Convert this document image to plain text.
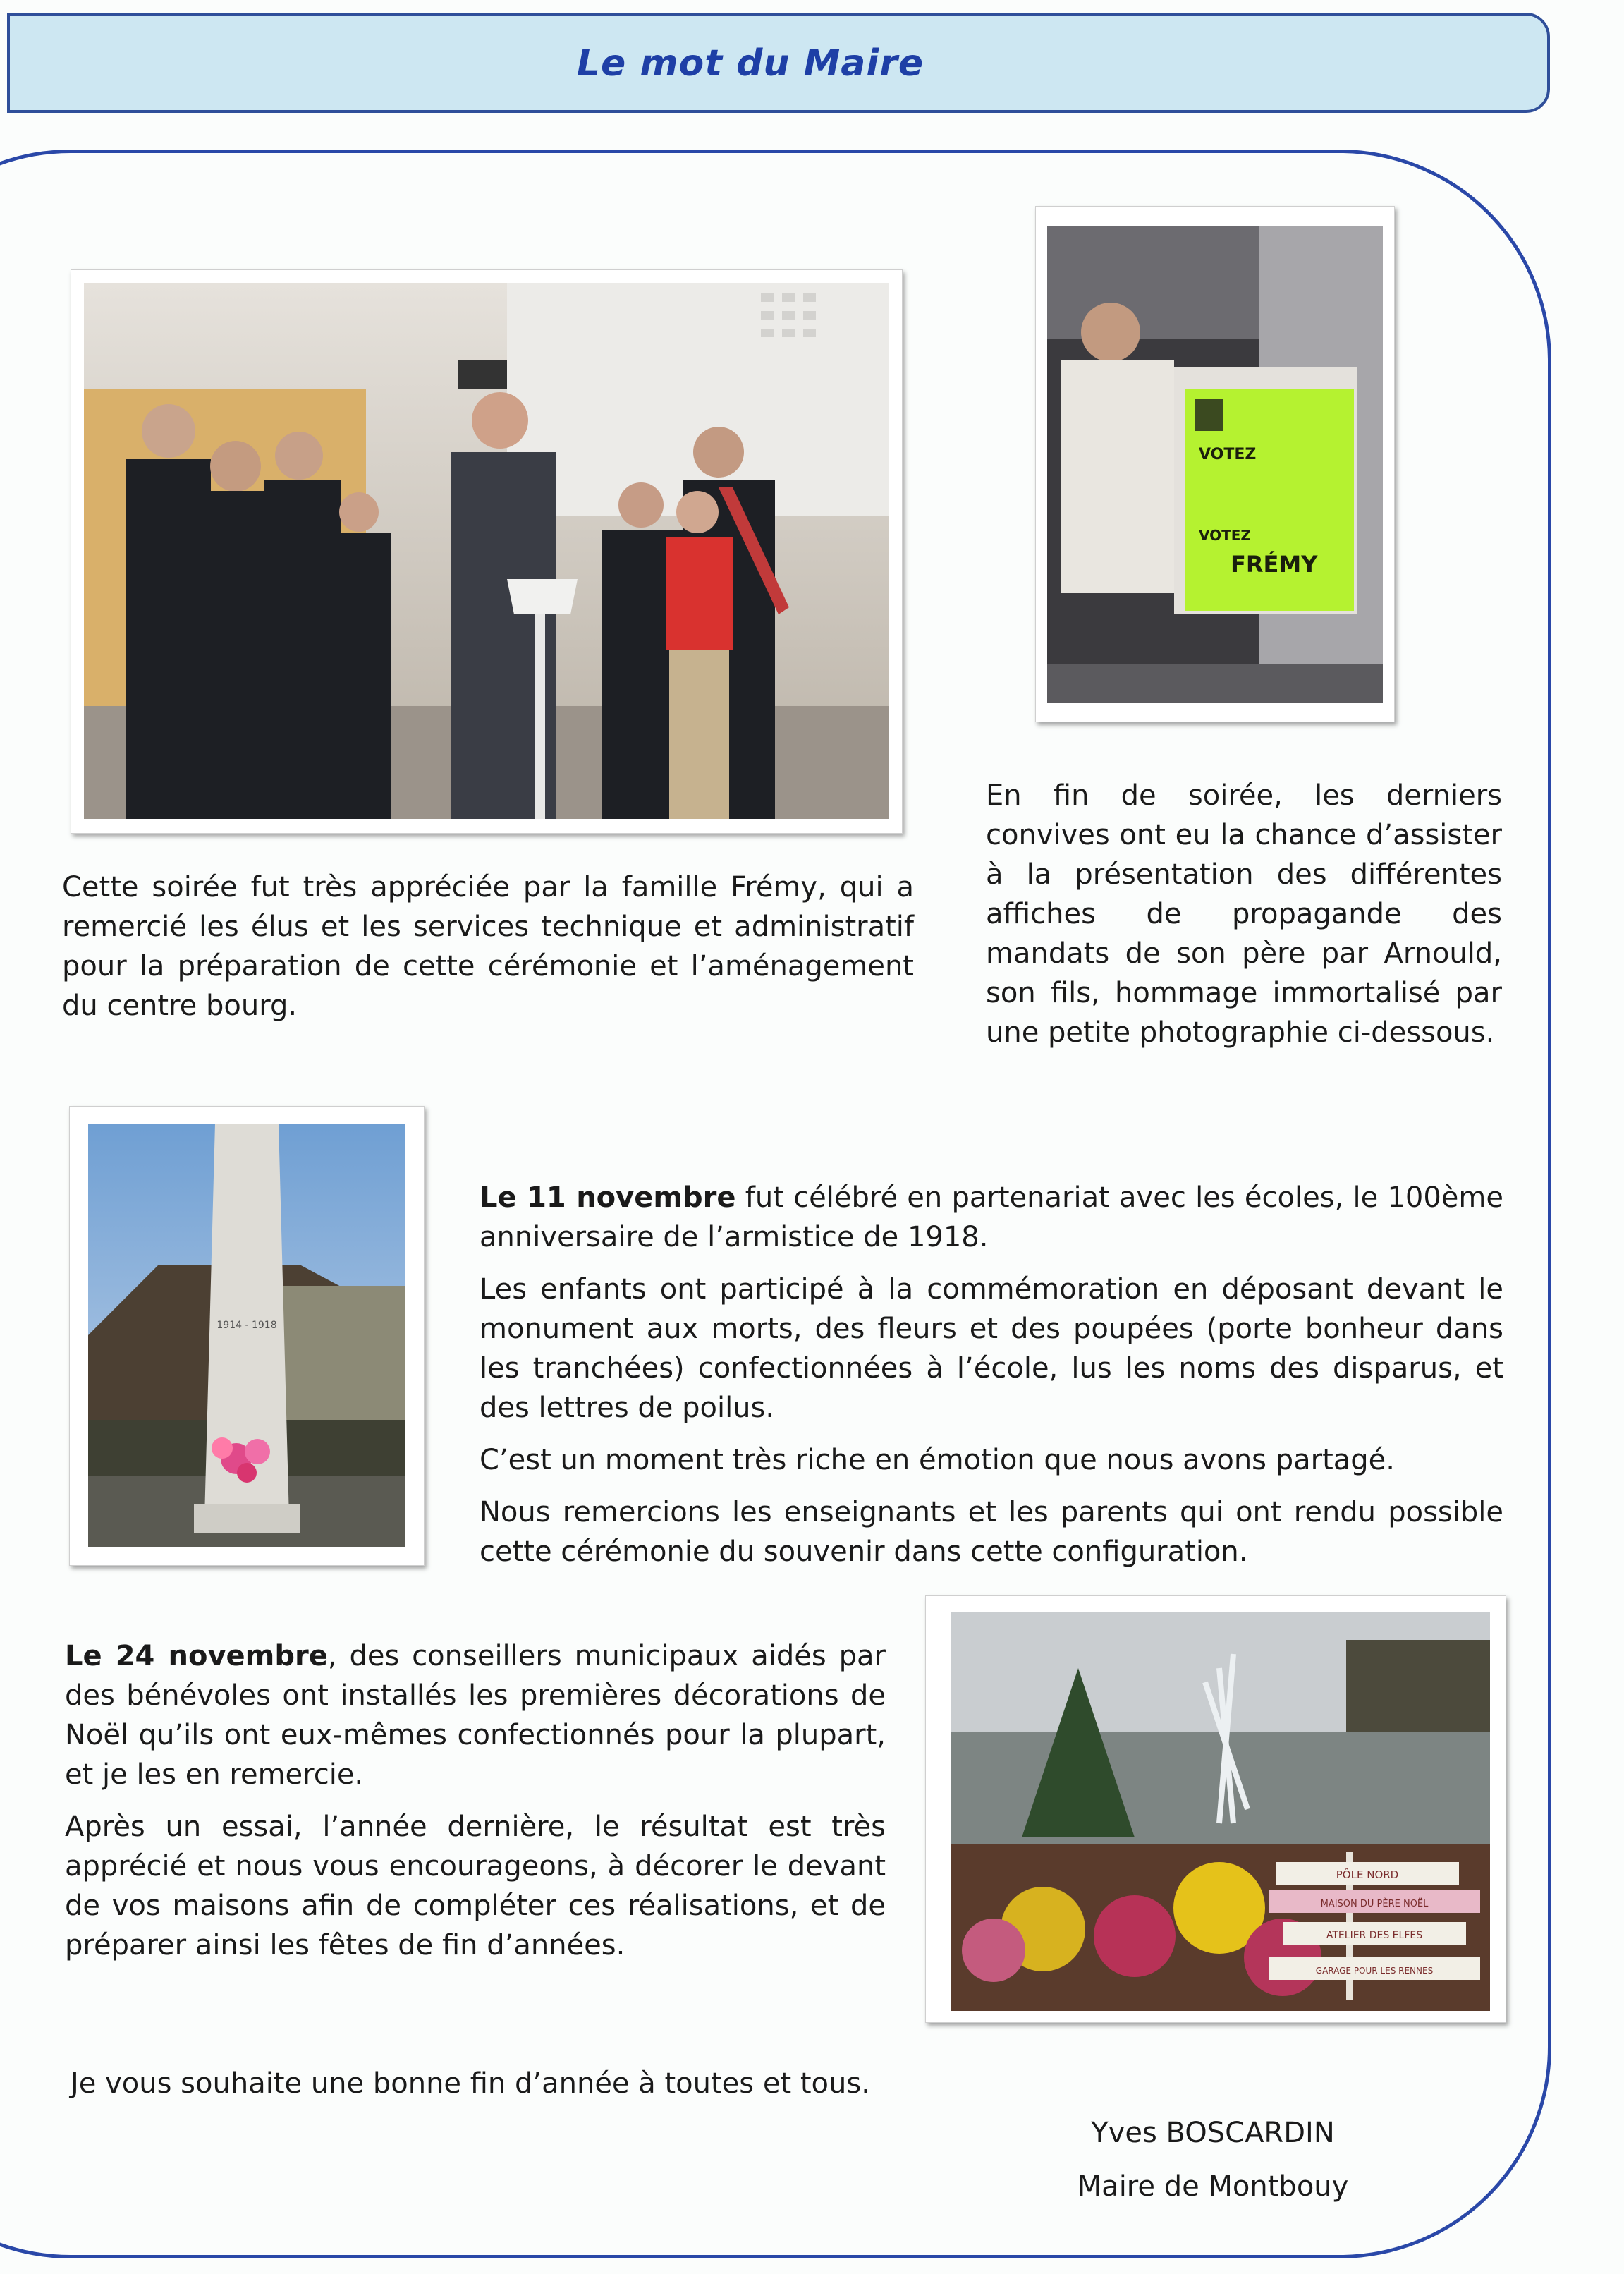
Le mot du Maire
VOTEZ
VOTEZ
FRÉMY
1914 - 1918
PÔLE NORD
MAISON DU PÈRE NOËL
ATELIER DES ELFES
GARAGE POUR LES RENNES

Cette soirée fut très appréciée par la famille Frémy, qui a remercié les élus et les services technique et administratif pour la préparation de cette cérémonie et l’aménagement du centre bourg.

En fin de soirée, les derniers convives ont eu la chance d’assister à la présentation des différentes affiches de propagande des mandats de son père par Arnould, son fils, hommage immortalisé par une petite photographie ci-dessous.

Le 11 novembre fut célébré en partenariat avec les écoles, le 100ème anniversaire de l’armistice de 1918.

Les enfants ont participé à la commémoration en déposant devant le monument aux morts, des fleurs et des poupées (porte bonheur dans les tranchées) confectionnées à l’école, lus les noms des disparus, et des lettres de poilus.

C’est un moment très riche en émotion que nous avons partagé.

Nous remercions les enseignants et les parents qui ont rendu possible cette cérémonie du souvenir dans cette configuration.

Le 24 novembre, des conseillers municipaux aidés par des bénévoles ont installés les premières décorations de Noël qu’ils ont eux-mêmes confectionnés pour la plupart, et je les en remercie.

Après un essai, l’année dernière, le résultat est très apprécié et nous vous encourageons, à décorer le devant de vos maisons afin de compléter ces réalisations, et de préparer ainsi les fêtes de fin d’années.

Je vous souhaite une bonne fin d’année à toutes et tous.

Yves BOSCARDIN
Maire de Montbouy
